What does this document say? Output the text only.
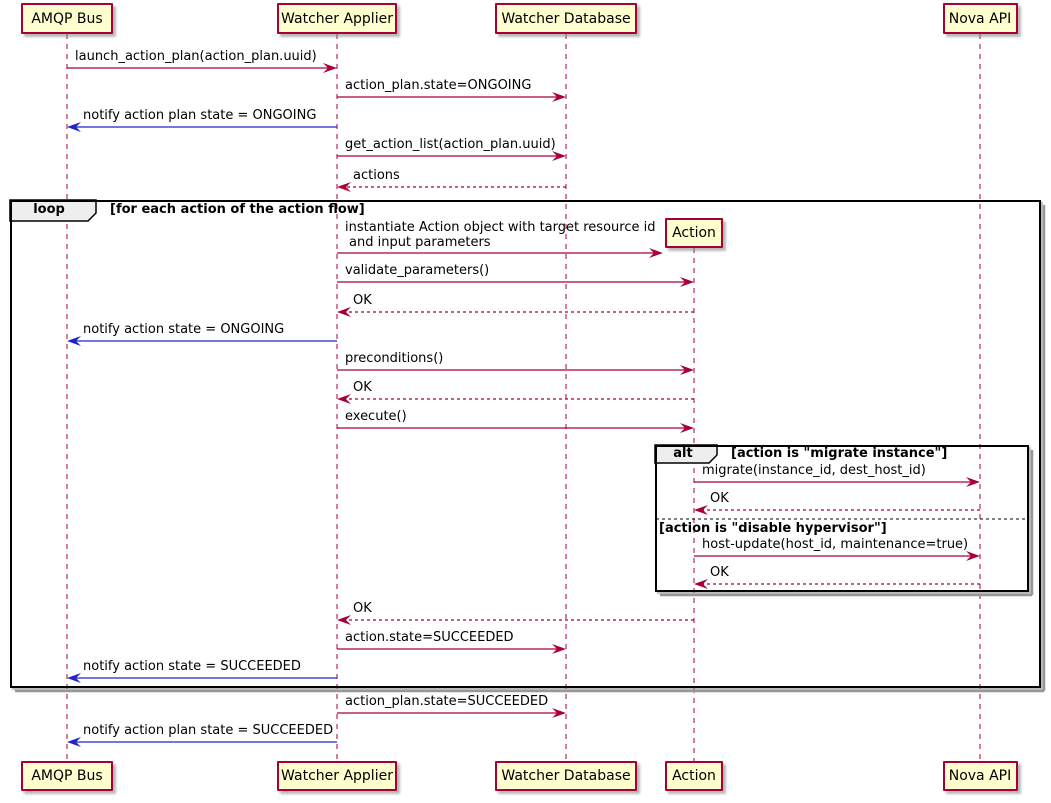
launch_action_plan(action_plan.uuid)
action_plan.state=ONGOING
notify action plan state = ONGOING
get_action_list(action_plan.uuid)
actions
instantiate Action object with target resource id
and input parameters
validate_parameters()
OK
notify action state = ONGOING
preconditions()
OK
execute()
migrate(instance_id, dest_host_id)
OK
host-update(host_id, maintenance=true)
OK
OK
action.state=SUCCEEDED
notify action state = SUCCEEDED
action_plan.state=SUCCEEDED
notify action plan state = SUCCEEDED
loop
alt
[for each action of the action flow]
[action is "migrate instance"]
[action is "disable hypervisor"]
AMQP Bus
AMQP Bus
Watcher Applier
Watcher Applier
Watcher Database
Watcher Database
Action
Action
Nova API
Nova API
